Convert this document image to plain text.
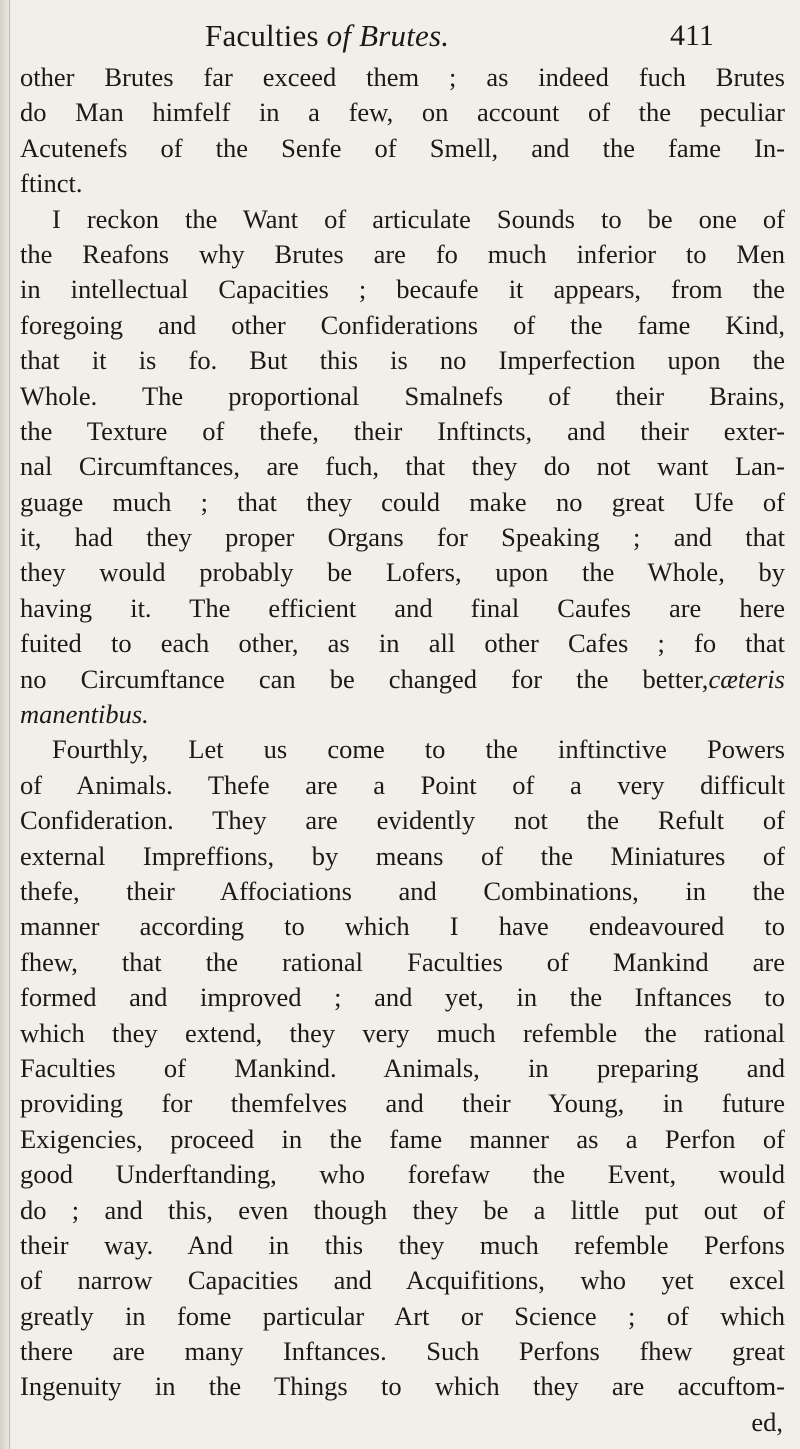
Faculties of Brutes.	411
other Brutes far exceed them ; as indeed fuch Brutes
do Man himfelf in a few, on account of the peculiar
Acutenefs of the Senfe of Smell, and the fame In-
ftinct.
I reckon the Want of articulate Sounds to be one of
the Reafons why Brutes are fo much inferior to Men
in intellectual Capacities ; becaufe it appears, from the
foregoing and other Confiderations of the fame Kind,
that it is fo. But this is no Imperfection upon the
Whole. The proportional Smalnefs of their Brains,
the Texture of thefe, their Inftincts, and their exter-
nal Circumftances, are fuch, that they do not want Lan-
guage much ; that they could make no great Ufe of
it, had they proper Organs for Speaking ; and that
they would probably be Lofers, upon the Whole, by
having it. The efficient and final Caufes are here
fuited to each other, as in all other Cafes ; fo that
no Circumftance can be changed for the better,cæteris
manentibus.
Fourthly, Let us come to the inftinctive Powers
of Animals. Thefe are a Point of a very difficult
Confideration. They are evidently not the Refult of
external Impreffions, by means of the Miniatures of
thefe, their Affociations and Combinations, in the
manner according to which I have endeavoured to
fhew, that the rational Faculties of Mankind are
formed and improved ; and yet, in the Inftances to
which they extend, they very much refemble the rational
Faculties of Mankind. Animals, in preparing and
providing for themfelves and their Young, in future
Exigencies, proceed in the fame manner as a Perfon of
good Underftanding, who forefaw the Event, would
do ; and this, even though they be a little put out of
their way. And in this they much refemble Perfons
of narrow Capacities and Acquifitions, who yet excel
greatly in fome particular Art or Science ; of which
there are many Inftances. Such Perfons fhew great
Ingenuity in the Things to which they are accuftom-
ed,
